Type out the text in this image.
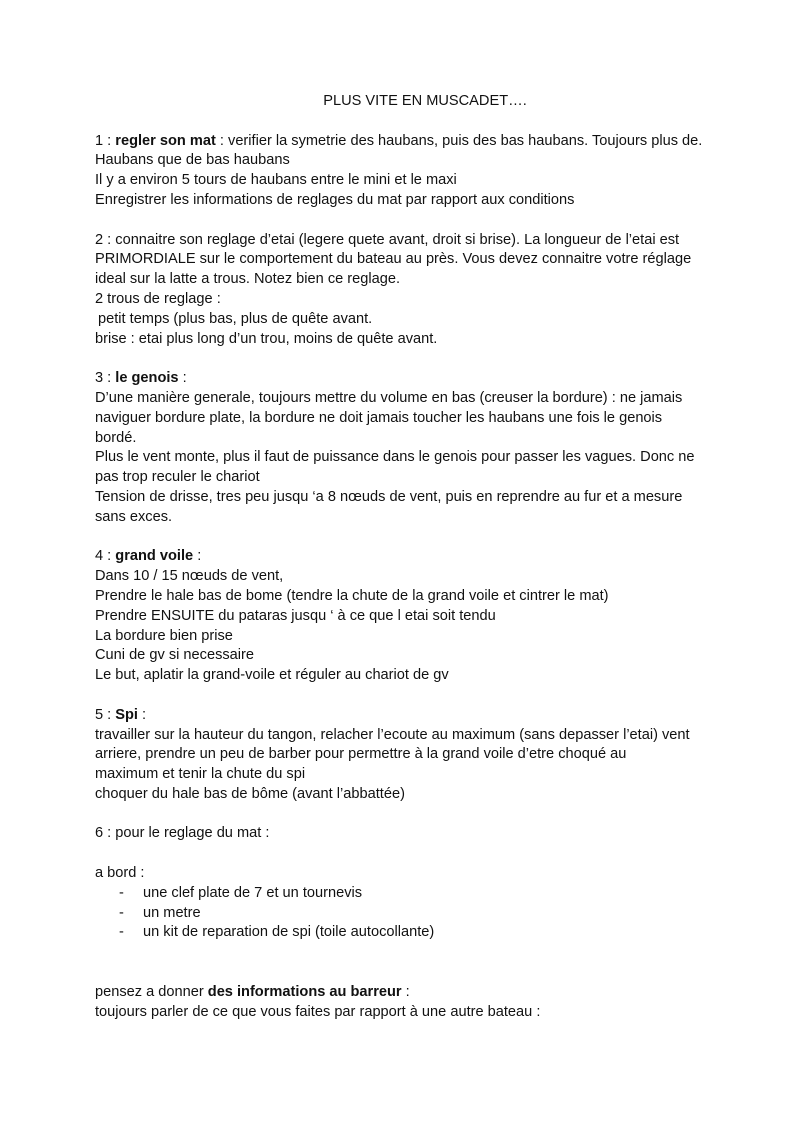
PLUS VITE EN MUSCADET….
1 : regler son mat : verifier la symetrie des haubans, puis des bas haubans. Toujours plus de.
Haubans que de bas haubans
Il y a environ 5 tours de haubans entre le mini et le maxi
Enregistrer les informations de reglages du mat par rapport aux conditions
2 : connaitre son reglage d’etai (legere quete avant, droit si brise). La longueur de l’etai est
PRIMORDIALE sur le comportement du bateau au près. Vous devez connaitre votre réglage
ideal sur la latte a trous. Notez bien ce reglage.
2 trous de reglage :
petit temps (plus bas, plus de quête avant.
brise : etai plus long d’un trou, moins de quête avant.
3 : le genois :
D’une manière generale, toujours mettre du volume en bas (creuser la bordure) : ne jamais
naviguer bordure plate, la bordure ne doit jamais toucher les haubans une fois le genois
bordé.
Plus le vent monte, plus il faut de puissance dans le genois pour passer les vagues. Donc ne
pas trop reculer le chariot
Tension de drisse, tres peu jusqu ‘a 8 nœuds de vent, puis en reprendre au fur et a mesure
sans exces.
4 : grand voile :
Dans 10 / 15 nœuds de vent,
Prendre le hale bas de bome (tendre la chute de la grand voile et cintrer le mat)
Prendre ENSUITE du pataras jusqu ‘ à ce que l etai soit tendu
La bordure bien prise
Cuni de gv si necessaire
Le but, aplatir la grand-voile et réguler au chariot de gv
5 : Spi :
travailler sur la hauteur du tangon, relacher l’ecoute au maximum (sans depasser l’etai) vent
arriere, prendre un peu de barber pour permettre à la grand voile d’etre choqué au
maximum et tenir la chute du spi
choquer du hale bas de bôme (avant l’abbattée)
6 : pour le reglage du mat :
a bord :
- une clef plate de 7 et un tournevis
- un metre
- un kit de reparation de spi (toile autocollante)
pensez a donner des informations au barreur :
toujours parler de ce que vous faites par rapport à une autre bateau :
